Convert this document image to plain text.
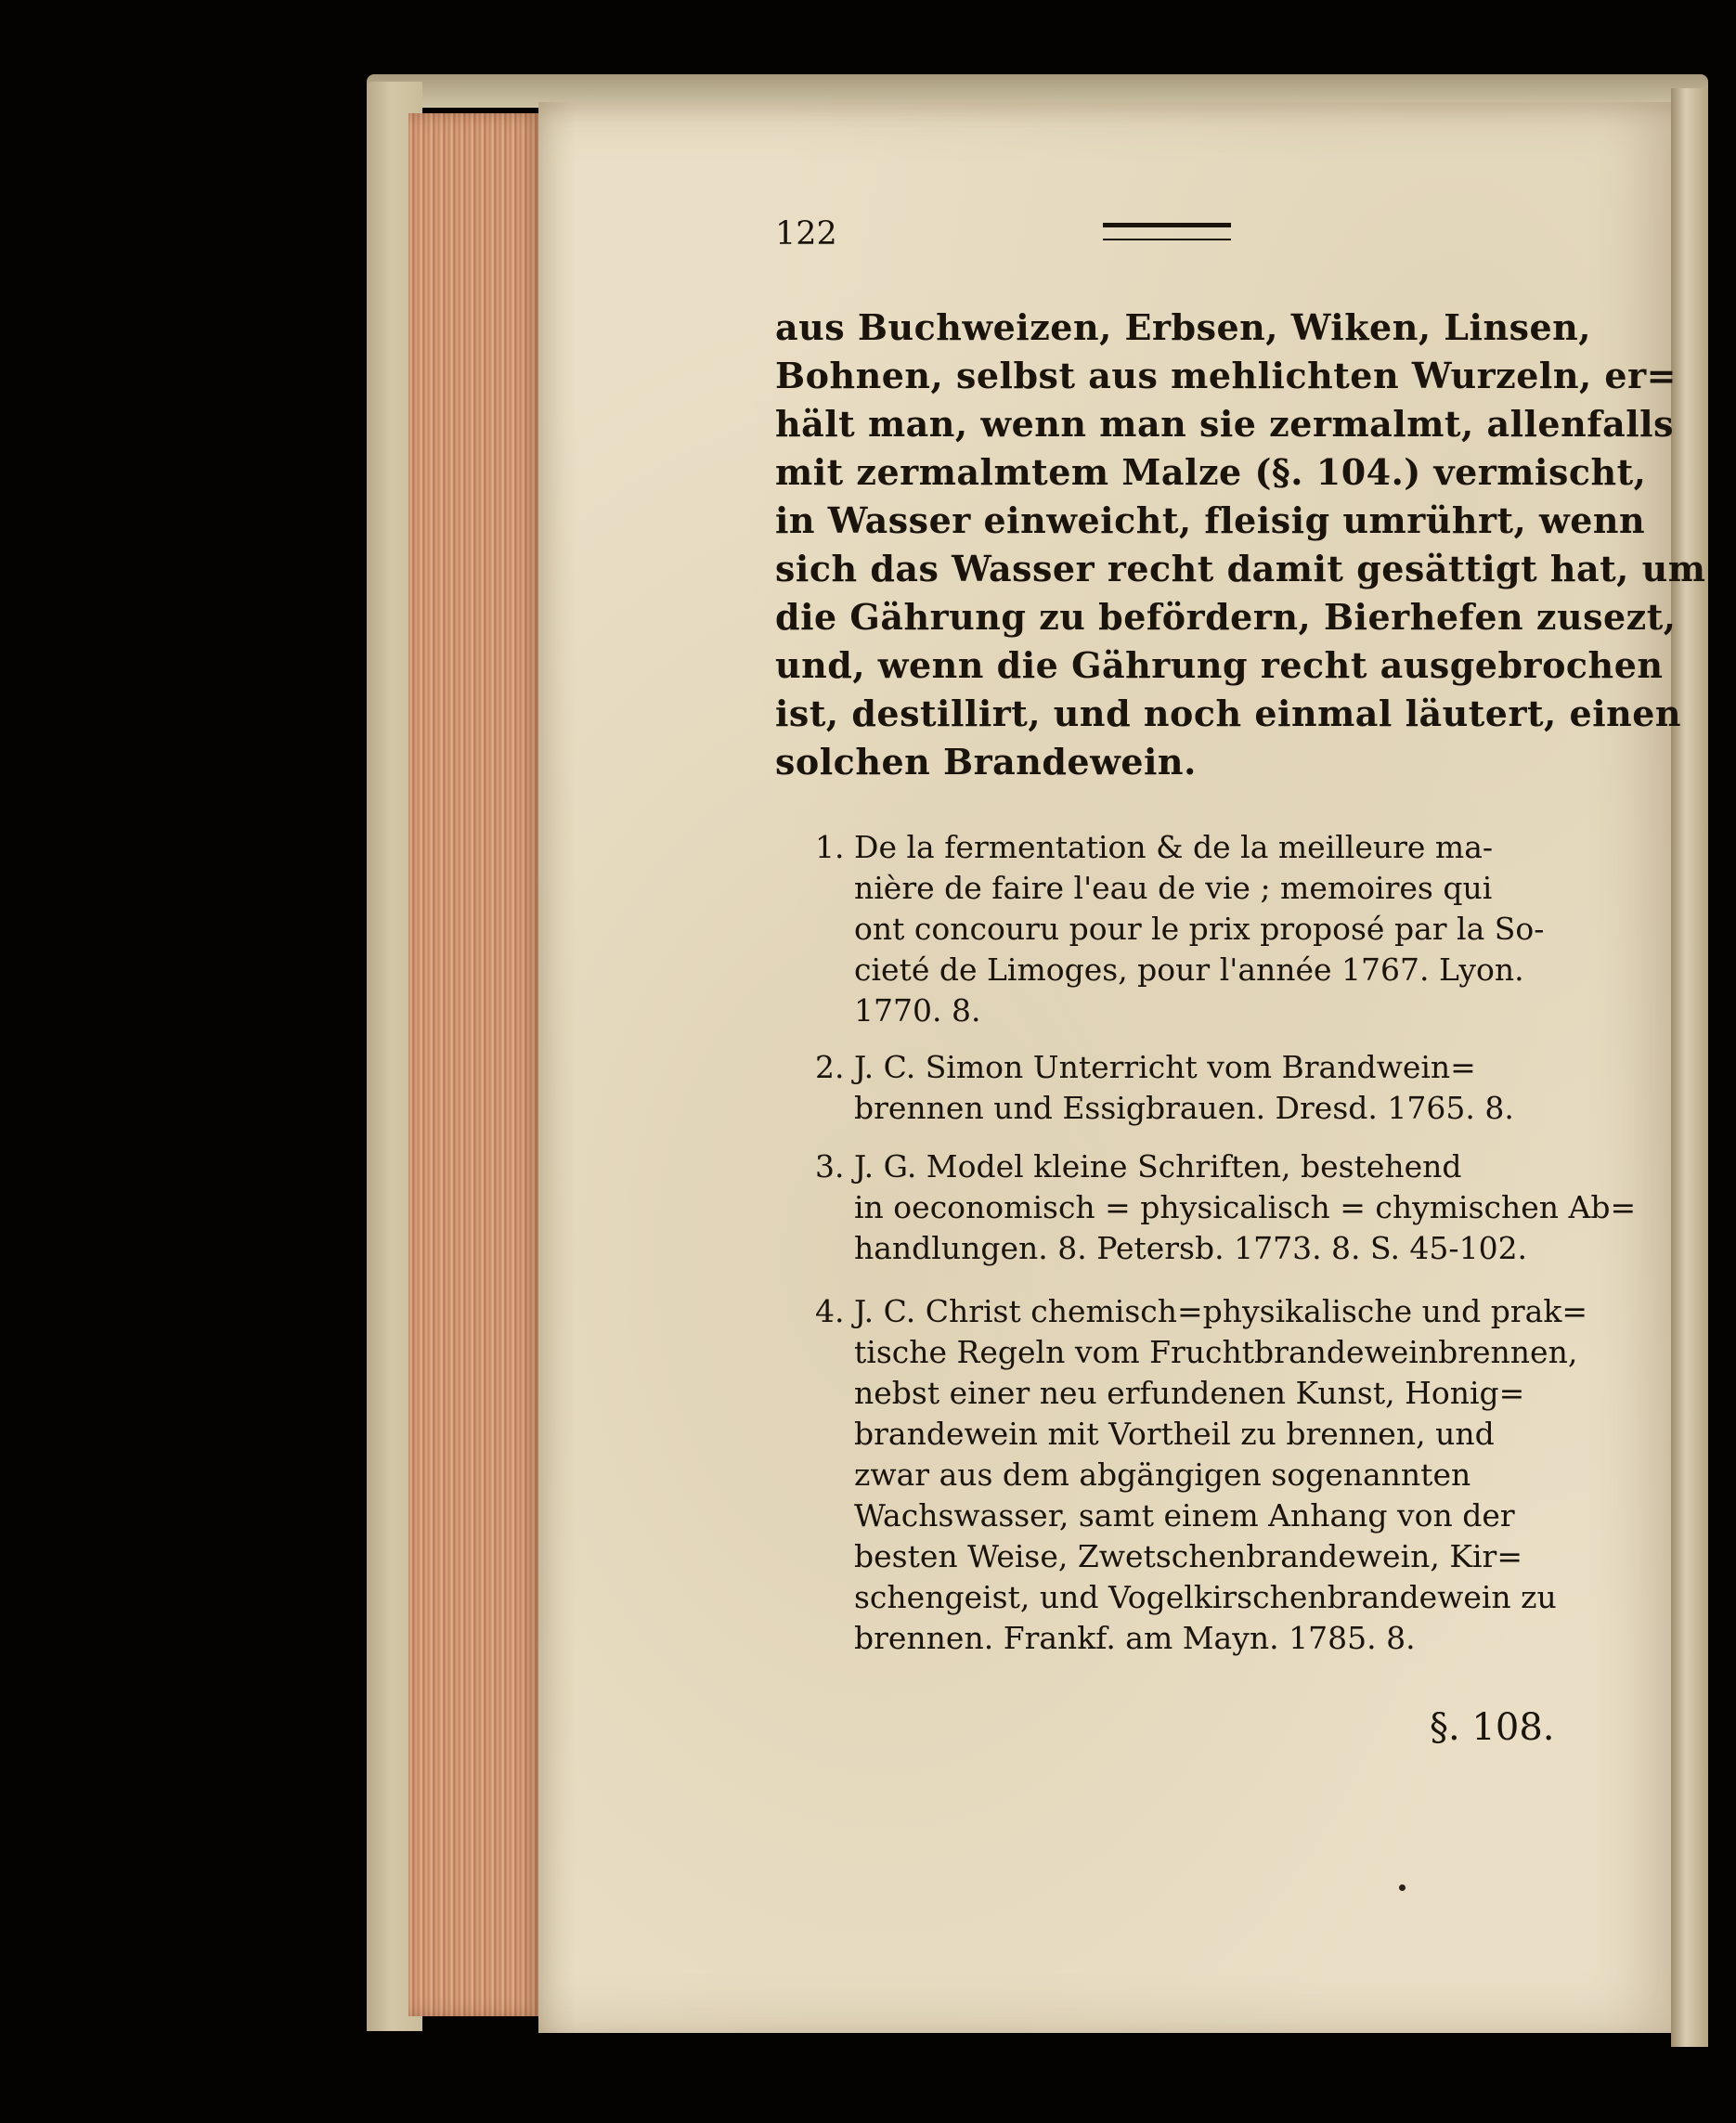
122
aus Buchweizen, Erbsen, Wiken, Linsen,
Bohnen, selbst aus mehlichten Wurzeln, er=
hält man, wenn man sie zermalmt, allenfalls
mit zermalmtem Malze (§. 104.) vermischt,
in Wasser einweicht, fleisig umrührt, wenn
sich das Wasser recht damit gesättigt hat, um
die Gährung zu befördern, Bierhefen zusezt,
und, wenn die Gährung recht ausgebrochen
ist, destillirt, und noch einmal läutert, einen
solchen Brandewein.
1. De la fermentation & de la meilleure ma-
nière de faire l'eau de vie ; memoires qui
ont concouru pour le prix proposé par la So-
cieté de Limoges, pour l'année 1767. Lyon.
1770. 8.
2. J. C. Simon Unterricht vom Brandwein=
brennen und Essigbrauen. Dresd. 1765. 8.
3. J. G. Model kleine Schriften, bestehend
in oeconomisch = physicalisch = chymischen Ab=
handlungen. 8. Petersb. 1773. 8. S. 45-102.
4. J. C. Christ chemisch=physikalische und prak=
tische Regeln vom Fruchtbrandeweinbrennen,
nebst einer neu erfundenen Kunst, Honig=
brandewein mit Vortheil zu brennen, und
zwar aus dem abgängigen sogenannten
Wachswasser, samt einem Anhang von der
besten Weise, Zwetschenbrandewein, Kir=
schengeist, und Vogelkirschenbrandewein zu
brennen. Frankf. am Mayn. 1785. 8.
§. 108.
